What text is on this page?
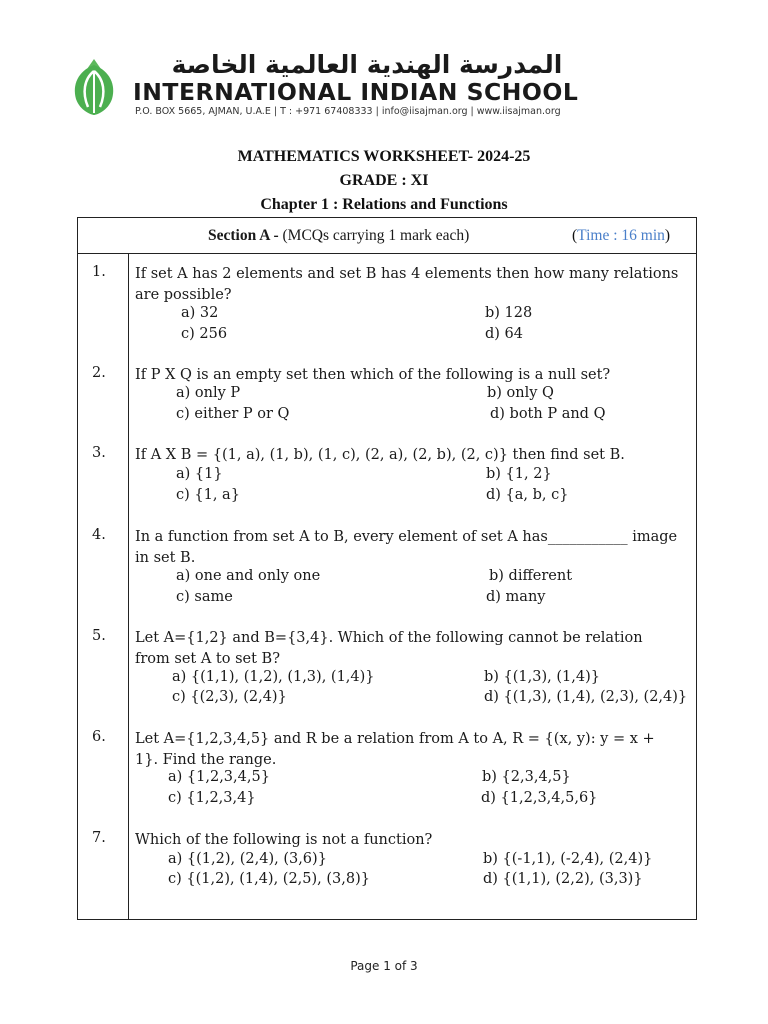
المدرسة الهندية العالمية الخاصة
INTERNATIONAL INDIAN SCHOOL
P.O. BOX 5665, AJMAN, U.A.E | T : +971 67408333 | info@iisajman.org | www.iisajman.org
MATHEMATICS WORKSHEET- 2024-25
GRADE : XI
Chapter 1 : Relations and Functions
Section A - (MCQs carrying 1 mark each)	(Time : 16 min)
1.	If set A has 2 elements and set B has 4 elements then how many relations are possible?
a) 32	b) 128
c) 256	d) 64
2.	If P X Q is an empty set then which of the following is a null set?
a) only P	b) only Q
c) either P or Q	d) both P and Q
3.	If A X B = {(1, a), (1, b), (1, c), (2, a), (2, b), (2, c)} then find set B.
a) {1}	b) {1, 2}
c) {1, a}	d) {a, b, c}
4.	In a function from set A to B, every element of set A has___________ image in set B.
a) one and only one	b) different
c) same	d) many
5.	Let A={1,2} and B={3,4}. Which of the following cannot be relation from set A to set B?
a) {(1,1), (1,2), (1,3), (1,4)}	b) {(1,3), (1,4)}
c) {(2,3), (2,4)}	d) {(1,3), (1,4), (2,3), (2,4)}
6.	Let A={1,2,3,4,5} and R be a relation from A to A, R = {(x, y): y = x + 1}. Find the range.
a) {1,2,3,4,5}	b) {2,3,4,5}
c) {1,2,3,4}	d) {1,2,3,4,5,6}
7.	Which of the following is not a function?
a) {(1,2), (2,4), (3,6)}	b) {(-1,1), (-2,4), (2,4)}
c) {(1,2), (1,4), (2,5), (3,8)}	d) {(1,1), (2,2), (3,3)}
Page 1 of 3
